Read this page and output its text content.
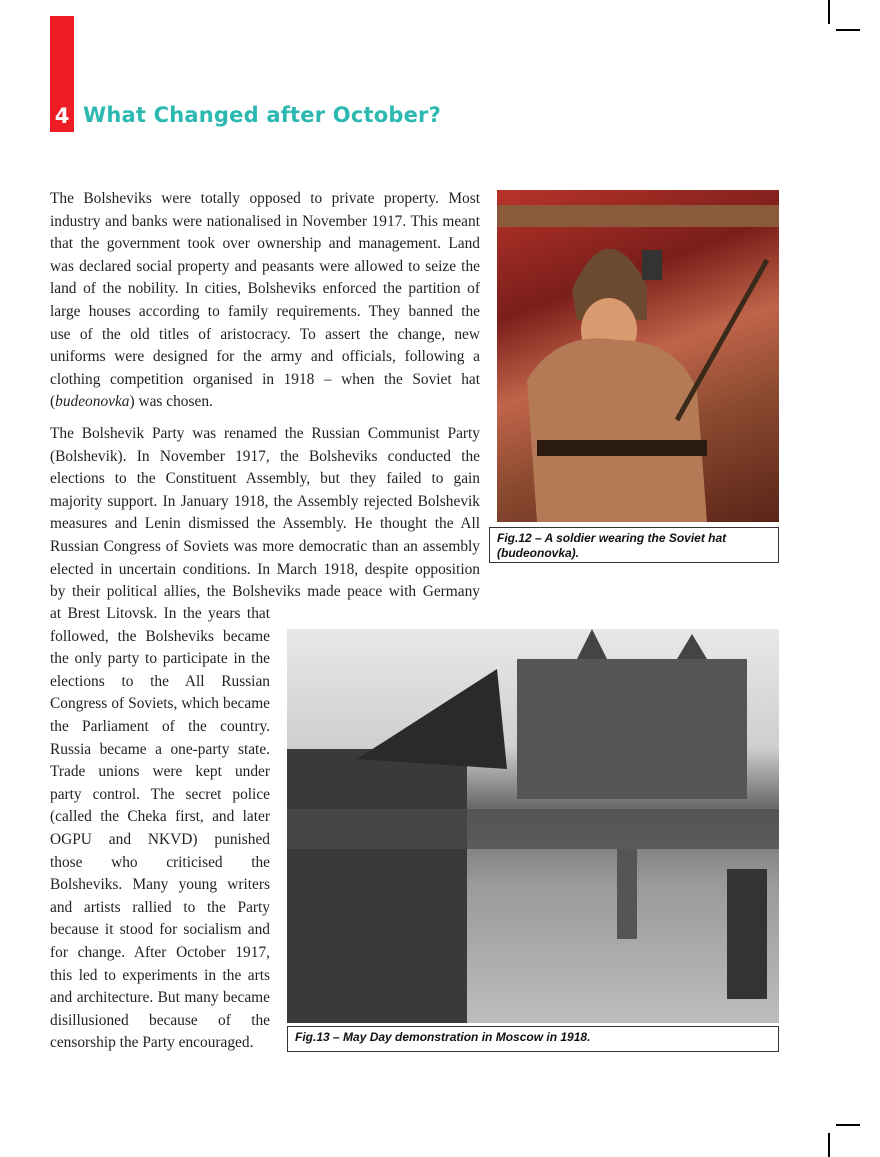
4 What Changed after October?
The Bolsheviks were totally opposed to private property. Most
industry and banks were nationalised in November 1917. This meant
that the government took over ownership and management. Land
was declared social property and peasants were allowed to seize the
land of the nobility. In cities, Bolsheviks enforced the partition of
large houses according to family requirements. They banned the
use of the old titles of aristocracy. To assert the change, new
uniforms were designed for the army and officials, following a
clothing competition organised in 1918 – when the Soviet hat
(budeonovka) was chosen.
The Bolshevik Party was renamed the Russian Communist Party
(Bolshevik). In November 1917, the Bolsheviks conducted the
elections to the Constituent Assembly, but they failed to gain
majority support. In January 1918, the Assembly rejected Bolshevik
measures and Lenin dismissed the Assembly. He thought the All
Russian Congress of Soviets was more democratic than an assembly
elected in uncertain conditions. In March 1918, despite opposition
by their political allies, the Bolsheviks made peace with Germany
at Brest Litovsk. In the years that
followed, the Bolsheviks became
the only party to participate in the
elections to the All Russian
Congress of Soviets, which became
the Parliament of the country.
Russia became a one-party state.
Trade unions were kept under
party control. The secret police
(called the Cheka first, and later
OGPU and NKVD) punished
those who criticised the
Bolsheviks. Many young writers
and artists rallied to the Party
because it stood for socialism and
for change. After October 1917,
this led to experiments in the arts
and architecture. But many became
disillusioned because of the
censorship the Party encouraged.
Fig.12 – A soldier wearing the Soviet hat (budeonovka).
Fig.13 – May Day demonstration in Moscow in 1918.
